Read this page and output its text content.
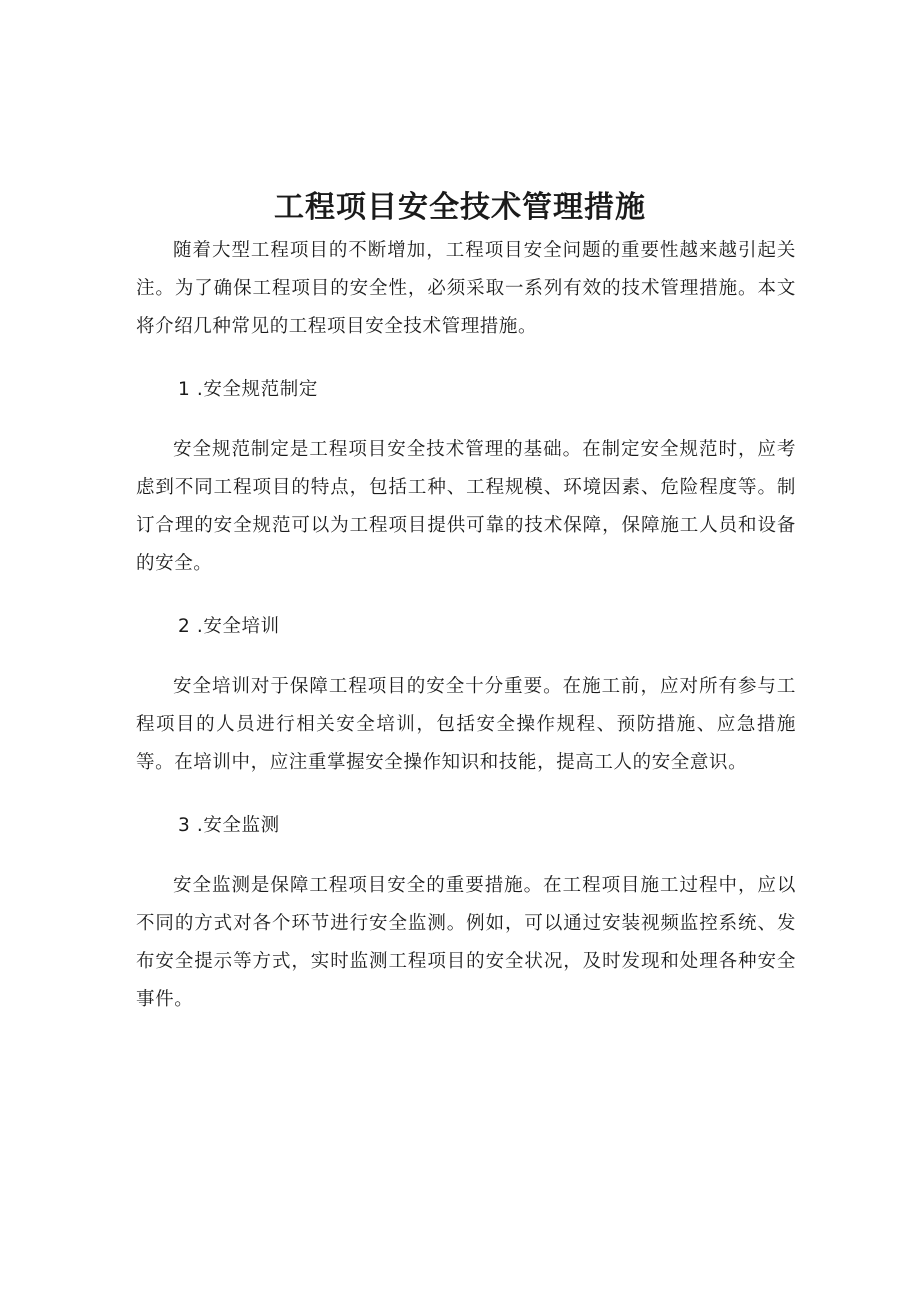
工程项目安全技术管理措施

随着大型工程项目的不断增加，工程项目安全问题的重要性越来越引起关注。为了确保工程项目的安全性，必须采取一系列有效的技术管理措施。本文将介绍几种常见的工程项目安全技术管理措施。

1 .安全规范制定

安全规范制定是工程项目安全技术管理的基础。在制定安全规范时，应考虑到不同工程项目的特点，包括工种、工程规模、环境因素、危险程度等。制订合理的安全规范可以为工程项目提供可靠的技术保障，保障施工人员和设备的安全。

2 .安全培训

安全培训对于保障工程项目的安全十分重要。在施工前，应对所有参与工程项目的人员进行相关安全培训，包括安全操作规程、预防措施、应急措施等。在培训中，应注重掌握安全操作知识和技能，提高工人的安全意识。

3 .安全监测

安全监测是保障工程项目安全的重要措施。在工程项目施工过程中，应以不同的方式对各个环节进行安全监测。例如，可以通过安装视频监控系统、发布安全提示等方式，实时监测工程项目的安全状况，及时发现和处理各种安全事件。
